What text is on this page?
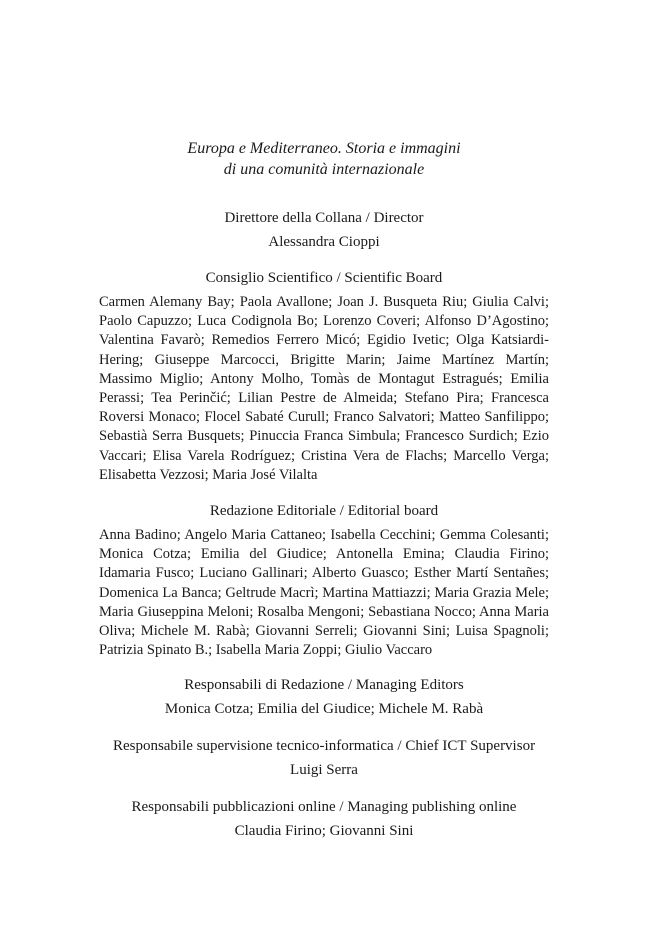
Europa e Mediterraneo. Storia e immagini
di una comunità internazionale

Direttore della Collana / Director

Alessandra Cioppi

Consiglio Scientifico / Scientific Board

Carmen Alemany Bay; Paola Avallone; Joan J. Busqueta Riu; Giulia Calvi; Paolo Capuzzo; Luca Codignola Bo; Lorenzo Coveri; Alfonso D’Agostino; Valentina Favarò; Remedios Ferrero Micó; Egidio Ivetic; Olga Katsiardi-Hering; Giuseppe Marcocci, Brigitte Marin; Jaime Martínez Martín; Massimo Miglio; Antony Molho, Tomàs de Montagut Estragués; Emilia Perassi; Tea Perinčić; Lilian Pestre de Almeida; Stefano Pira; Francesca Roversi Monaco; Flocel Sabaté Curull; Franco Salvatori; Matteo Sanfilippo; Sebastià Serra Busquets; Pinuccia Franca Simbula; Francesco Surdich; Ezio Vaccari; Elisa Varela Rodríguez; Cristina Vera de Flachs; Marcello Verga; Elisabetta Vezzosi; Maria José Vilalta

Redazione Editoriale / Editorial board

Anna Badino; Angelo Maria Cattaneo; Isabella Cecchini; Gemma Colesanti; Monica Cotza; Emilia del Giudice; Antonella Emina; Claudia Firino; Idamaria Fusco; Luciano Gallinari; Alberto Guasco; Esther Martí Sentañes; Domenica La Banca; Geltrude Macrì; Martina Mattiazzi; Maria Grazia Mele; Maria Giuseppina Meloni; Rosalba Mengoni; Sebastiana Nocco; Anna Maria Oliva; Michele M. Rabà; Giovanni Serreli; Giovanni Sini; Luisa Spagnoli; Patrizia Spinato B.; Isabella Maria Zoppi; Giulio Vaccaro

Responsabili di Redazione / Managing Editors

Monica Cotza; Emilia del Giudice; Michele M. Rabà

Responsabile supervisione tecnico-informatica / Chief ICT Supervisor

Luigi Serra

Responsabili pubblicazioni online / Managing publishing online

Claudia Firino; Giovanni Sini
